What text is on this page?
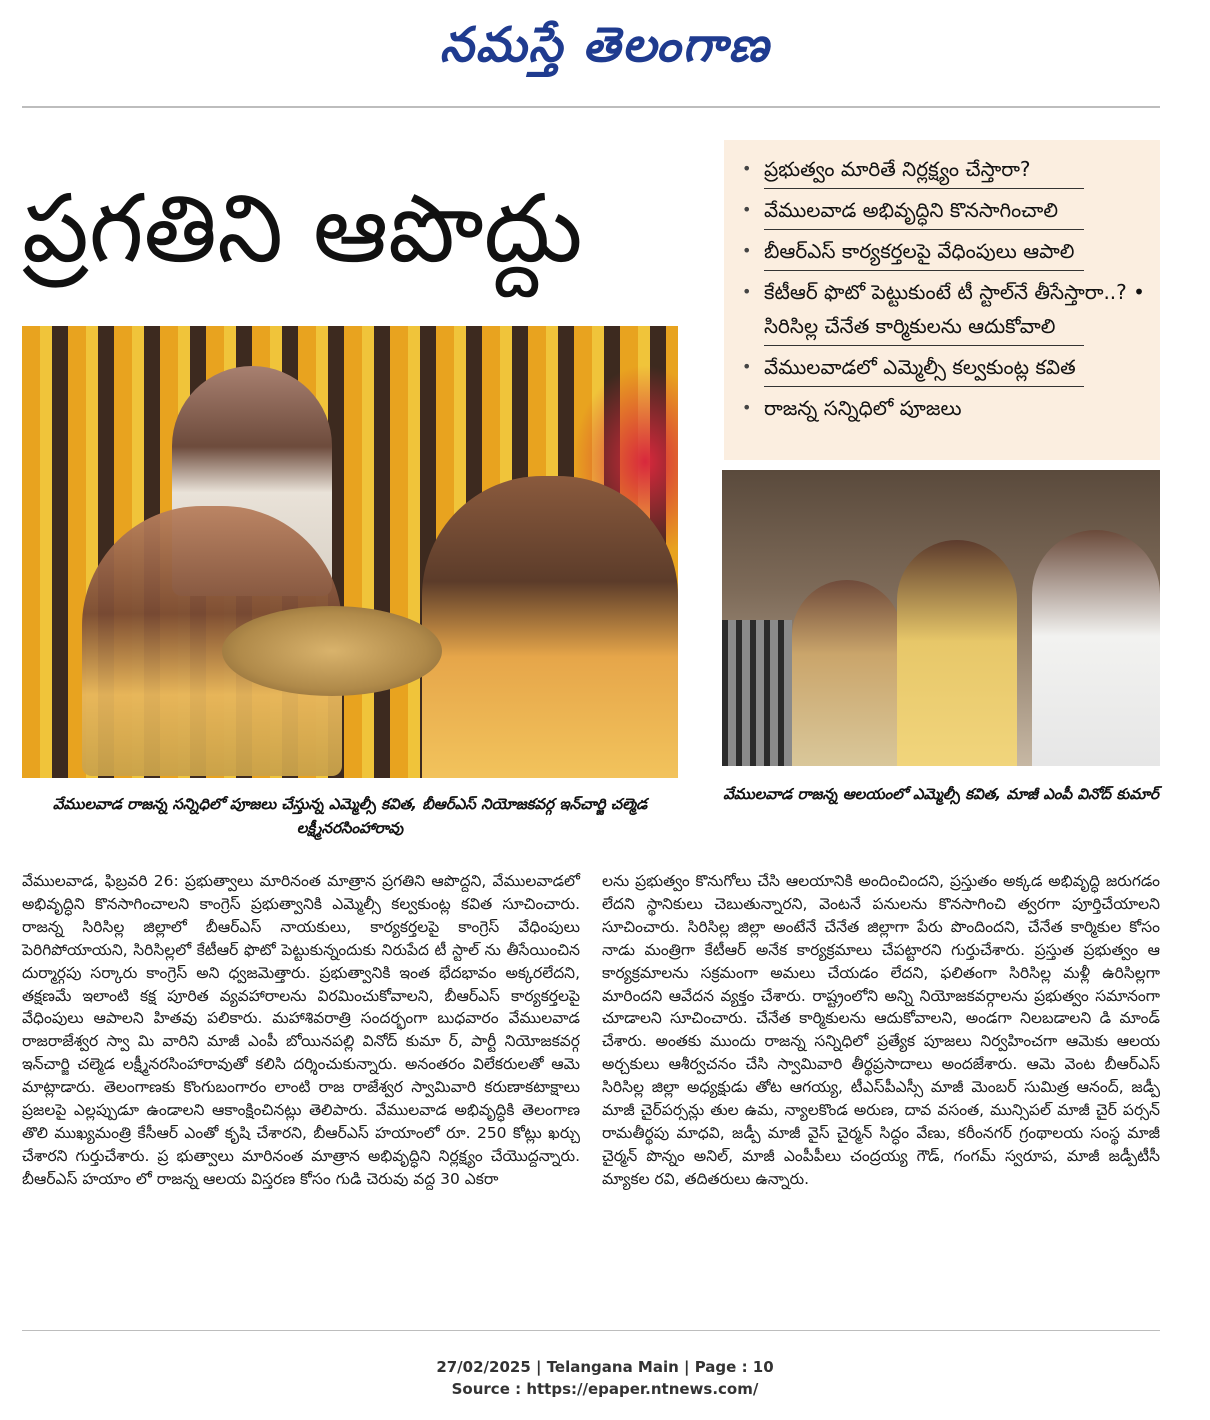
నమస్తే తెలంగాణ
ప్రగతిని ఆపొద్దు
• ప్రభుత్వం మారితే నిర్లక్ష్యం చేస్తారా?
• వేములవాడ అభివృద్ధిని కొనసాగించాలి
• బీఆర్ఎస్ కార్యకర్తలపై వేధింపులు ఆపాలి
• కేటీఆర్ ఫొటో పెట్టుకుంటే టీ స్టాల్‌నే తీసేస్తారా..? • సిరిసిల్ల చేనేత కార్మికులను ఆదుకోవాలి
• వేములవాడలో ఎమ్మెల్సీ కల్వకుంట్ల కవిత
• రాజన్న సన్నిధిలో పూజలు
వేములవాడ రాజన్న సన్నిధిలో పూజలు చేస్తున్న ఎమ్మెల్సీ కవిత, బీఆర్ఎస్ నియోజకవర్గ ఇన్‌చార్జి చల్మెడ లక్ష్మీనరసింహారావు
వేములవాడ రాజన్న ఆలయంలో ఎమ్మెల్సీ కవిత, మాజీ ఎంపీ వినోద్ కుమార్
వేములవాడ, ఫిబ్రవరి 26: ప్రభుత్వాలు మారినంత మాత్రాన ప్రగతిని ఆపొద్దని, వేములవాడలో అభివృద్ధిని కొనసాగించాలని కాంగ్రెస్ ప్రభుత్వానికి ఎమ్మెల్సీ కల్వకుంట్ల కవిత సూచించారు. రాజన్న సిరిసిల్ల జిల్లాలో బీఆర్ఎస్ నాయకులు, కార్యకర్తలపై కాంగ్రెస్ వేధింపులు పెరిగిపోయాయని, సిరిసిల్లలో కేటీఆర్ ఫొటో పెట్టుకున్నందుకు నిరుపేద టీ స్టాల్ ను తీసేయించిన దుర్మార్గపు సర్కారు కాంగ్రెస్ అని ధ్వజమెత్తారు. ప్రభుత్వానికి ఇంత భేదభావం అక్కరలేదని, తక్షణమే ఇలాంటి కక్ష పూరిత వ్యవహారాలను విరమించుకోవాలని, బీఆర్ఎస్ కార్యకర్తలపై వేధింపులు ఆపాలని హితవు పలికారు. మహాశివరాత్రి సందర్భంగా బుధవారం వేములవాడ రాజరాజేశ్వర స్వా మి వారిని మాజీ ఎంపీ బోయినపల్లి వినోద్ కుమా ర్, పార్టీ నియోజకవర్గ ఇన్‌చార్జి చల్మెడ లక్ష్మీనరసింహారావుతో కలిసి దర్శించుకున్నారు. అనంతరం విలేకరులతో ఆమె మాట్లాడారు. తెలంగాణకు కొంగుబంగారం లాంటి రాజ రాజేశ్వర స్వామివారి కరుణాకటాక్షాలు ప్రజలపై ఎల్లప్పుడూ ఉండాలని ఆకాంక్షించినట్లు తెలిపారు. వేములవాడ అభివృద్ధికి తెలంగాణ తొలి ముఖ్యమంత్రి కేసీఆర్ ఎంతో కృషి చేశారని, బీఆర్ఎస్ హయాంలో రూ. 250 కోట్లు ఖర్చు చేశారని గుర్తుచేశారు. ప్ర భుత్వాలు మారినంత మాత్రాన అభివృద్ధిని నిర్లక్ష్యం చేయొద్దన్నారు. బీఆర్ఎస్ హయాం లో రాజన్న ఆలయ విస్తరణ కోసం గుడి చెరువు వద్ద 30 ఎకరా
లను ప్రభుత్వం కొనుగోలు చేసి ఆలయానికి అందించిందని, ప్రస్తుతం అక్కడ అభివృద్ధి జరుగడం లేదని స్థానికులు చెబుతున్నారని, వెంటనే పనులను కొనసాగించి త్వరగా పూర్తిచేయాలని సూచించారు. సిరిసిల్ల జిల్లా అంటేనే చేనేత జిల్లాగా పేరు పొందిందని, చేనేత కార్మికుల కోసం నాడు మంత్రిగా కేటీఆర్ అనేక కార్యక్రమాలు చేపట్టారని గుర్తుచేశారు. ప్రస్తుత ప్రభుత్వం ఆ కార్యక్రమాలను సక్రమంగా అమలు చేయడం లేదని, ఫలితంగా సిరిసిల్ల మళ్లీ ఉరిసిల్లగా మారిందని ఆవేదన వ్యక్తం చేశారు. రాష్ట్రంలోని అన్ని నియోజకవర్గాలను ప్రభుత్వం సమానంగా చూడాలని సూచించారు. చేనేత కార్మికులను ఆదుకోవాలని, అండగా నిలబడాలని డి మాండ్ చేశారు. అంతకు ముందు రాజన్న సన్నిధిలో ప్రత్యేక పూజలు నిర్వహించగా ఆమెకు ఆలయ అర్చకులు ఆశీర్వచనం చేసి స్వామివారి తీర్థప్రసాదాలు అందజేశారు. ఆమె వెంట బీఆర్ఎస్ సిరిసిల్ల జిల్లా అధ్యక్షుడు తోట ఆగయ్య, టీఎస్‌పీఎస్సీ మాజీ మెంబర్ సుమిత్ర ఆనంద్, జడ్పీ మాజీ చైర్‌పర్సన్లు తుల ఉమ, న్యాలకొండ అరుణ, దావ వసంత, మున్సిపల్ మాజీ చైర్ పర్సన్ రామతీర్థపు మాధవి, జడ్పీ మాజీ వైస్ చైర్మన్ సిద్ధం వేణు, కరీంనగర్ గ్రంథాలయ సంస్థ మాజీ చైర్మన్ పొన్నం అనిల్, మాజీ ఎంపీపీలు చంద్రయ్య గౌడ్, గంగమ్ స్వరూప, మాజీ జడ్పీటీసీ మ్యాకల రవి, తదితరులు ఉన్నారు.
27/02/2025 | Telangana Main | Page : 10
Source : https://epaper.ntnews.com/
